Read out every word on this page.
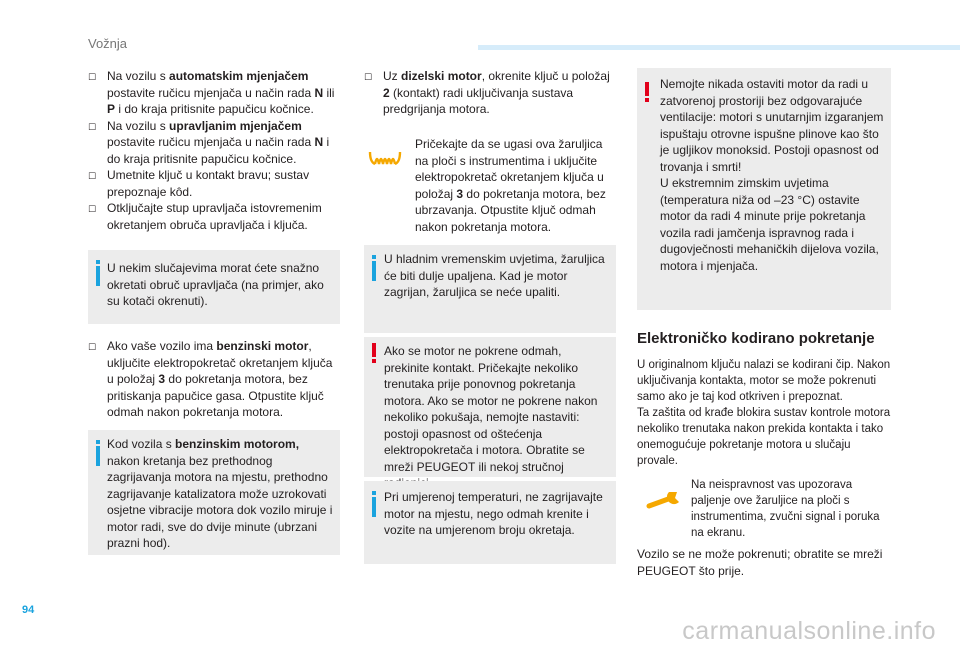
Vožnja
☐ Na vozilu s automatskim mjenjačem postavite ručicu mjenjača u način rada N ili P i do kraja pritisnite papučicu kočnice.
☐ Na vozilu s upravljanim mjenjačem postavite ručicu mjenjača u način rada N i do kraja pritisnite papučicu kočnice.
☐ Umetnite ključ u kontakt bravu; sustav prepoznaje kôd.
☐ Otključajte stup upravljača istovremenim okretanjem obruča upravljača i ključa.
U nekim slučajevima morat ćete snažno okretati obruč upravljača (na primjer, ako su kotači okrenuti).
☐ Ako vaše vozilo ima benzinski motor, uključite elektropokretač okretanjem ključa u položaj 3 do pokretanja motora, bez pritiskanja papučice gasa. Otpustite ključ odmah nakon pokretanja motora.
Kod vozila s benzinskim motorom, nakon kretanja bez prethodnog zagrijavanja motora na mjestu, prethodno zagrijavanje katalizatora može uzrokovati osjetne vibracije motora dok vozilo miruje i motor radi, sve do dvije minute (ubrzani prazni hod).
☐ Uz dizelski motor, okrenite ključ u položaj 2 (kontakt) radi uključivanja sustava predgrijanja motora.
Pričekajte da se ugasi ova žaruljica na ploči s instrumentima i uključite elektropokretač okretanjem ključa u položaj 3 do pokretanja motora, bez ubrzavanja. Otpustite ključ odmah nakon pokretanja motora.
U hladnim vremenskim uvjetima, žaruljica će biti dulje upaljena. Kad je motor zagrijan, žaruljica se neće upaliti.
Ako se motor ne pokrene odmah, prekinite kontakt. Pričekajte nekoliko trenutaka prije ponovnog pokretanja motora. Ako se motor ne pokrene nakon nekoliko pokušaja, nemojte nastaviti: postoji opasnost od oštećenja elektropokretača i motora. Obratite se mreži PEUGEOT ili nekoj stručnoj
Pri umjerenoj temperaturi, ne zagrijavajte motor na mjestu, nego odmah krenite i vozite na umjerenom broju okretaja.
Nemojte nikada ostaviti motor da radi u zatvorenoj prostoriji bez odgovarajuće ventilacije: motori s unutarnjim izgaranjem ispuštaju otrovne ispušne plinove kao što je ugljikov monoksid. Postoji opasnost od trovanja i smrti!
U ekstremnim zimskim uvjetima (temperatura niža od –23 °C) ostavite motor da radi 4 minute prije pokretanja vozila radi jamčenja ispravnog rada i dugovječnosti mehaničkih dijelova vozila, motora i mjenjača.
Elektroničko kodirano pokretanje
U originalnom ključu nalazi se kodirani čip. Nakon uključivanja kontakta, motor se može pokrenuti samo ako je taj kod otkriven i prepoznat.
Ta zaštita od krađe blokira sustav kontrole motora nekoliko trenutaka nakon prekida kontakta i tako onemogućuje pokretanje motora u slučaju provale.
Na neispravnost vas upozorava paljenje ove žaruljice na ploči s instrumentima, zvučni signal i poruka na ekranu.
Vozilo se ne može pokrenuti; obratite se mreži PEUGEOT što prije.
94
carmanualsonline.info
